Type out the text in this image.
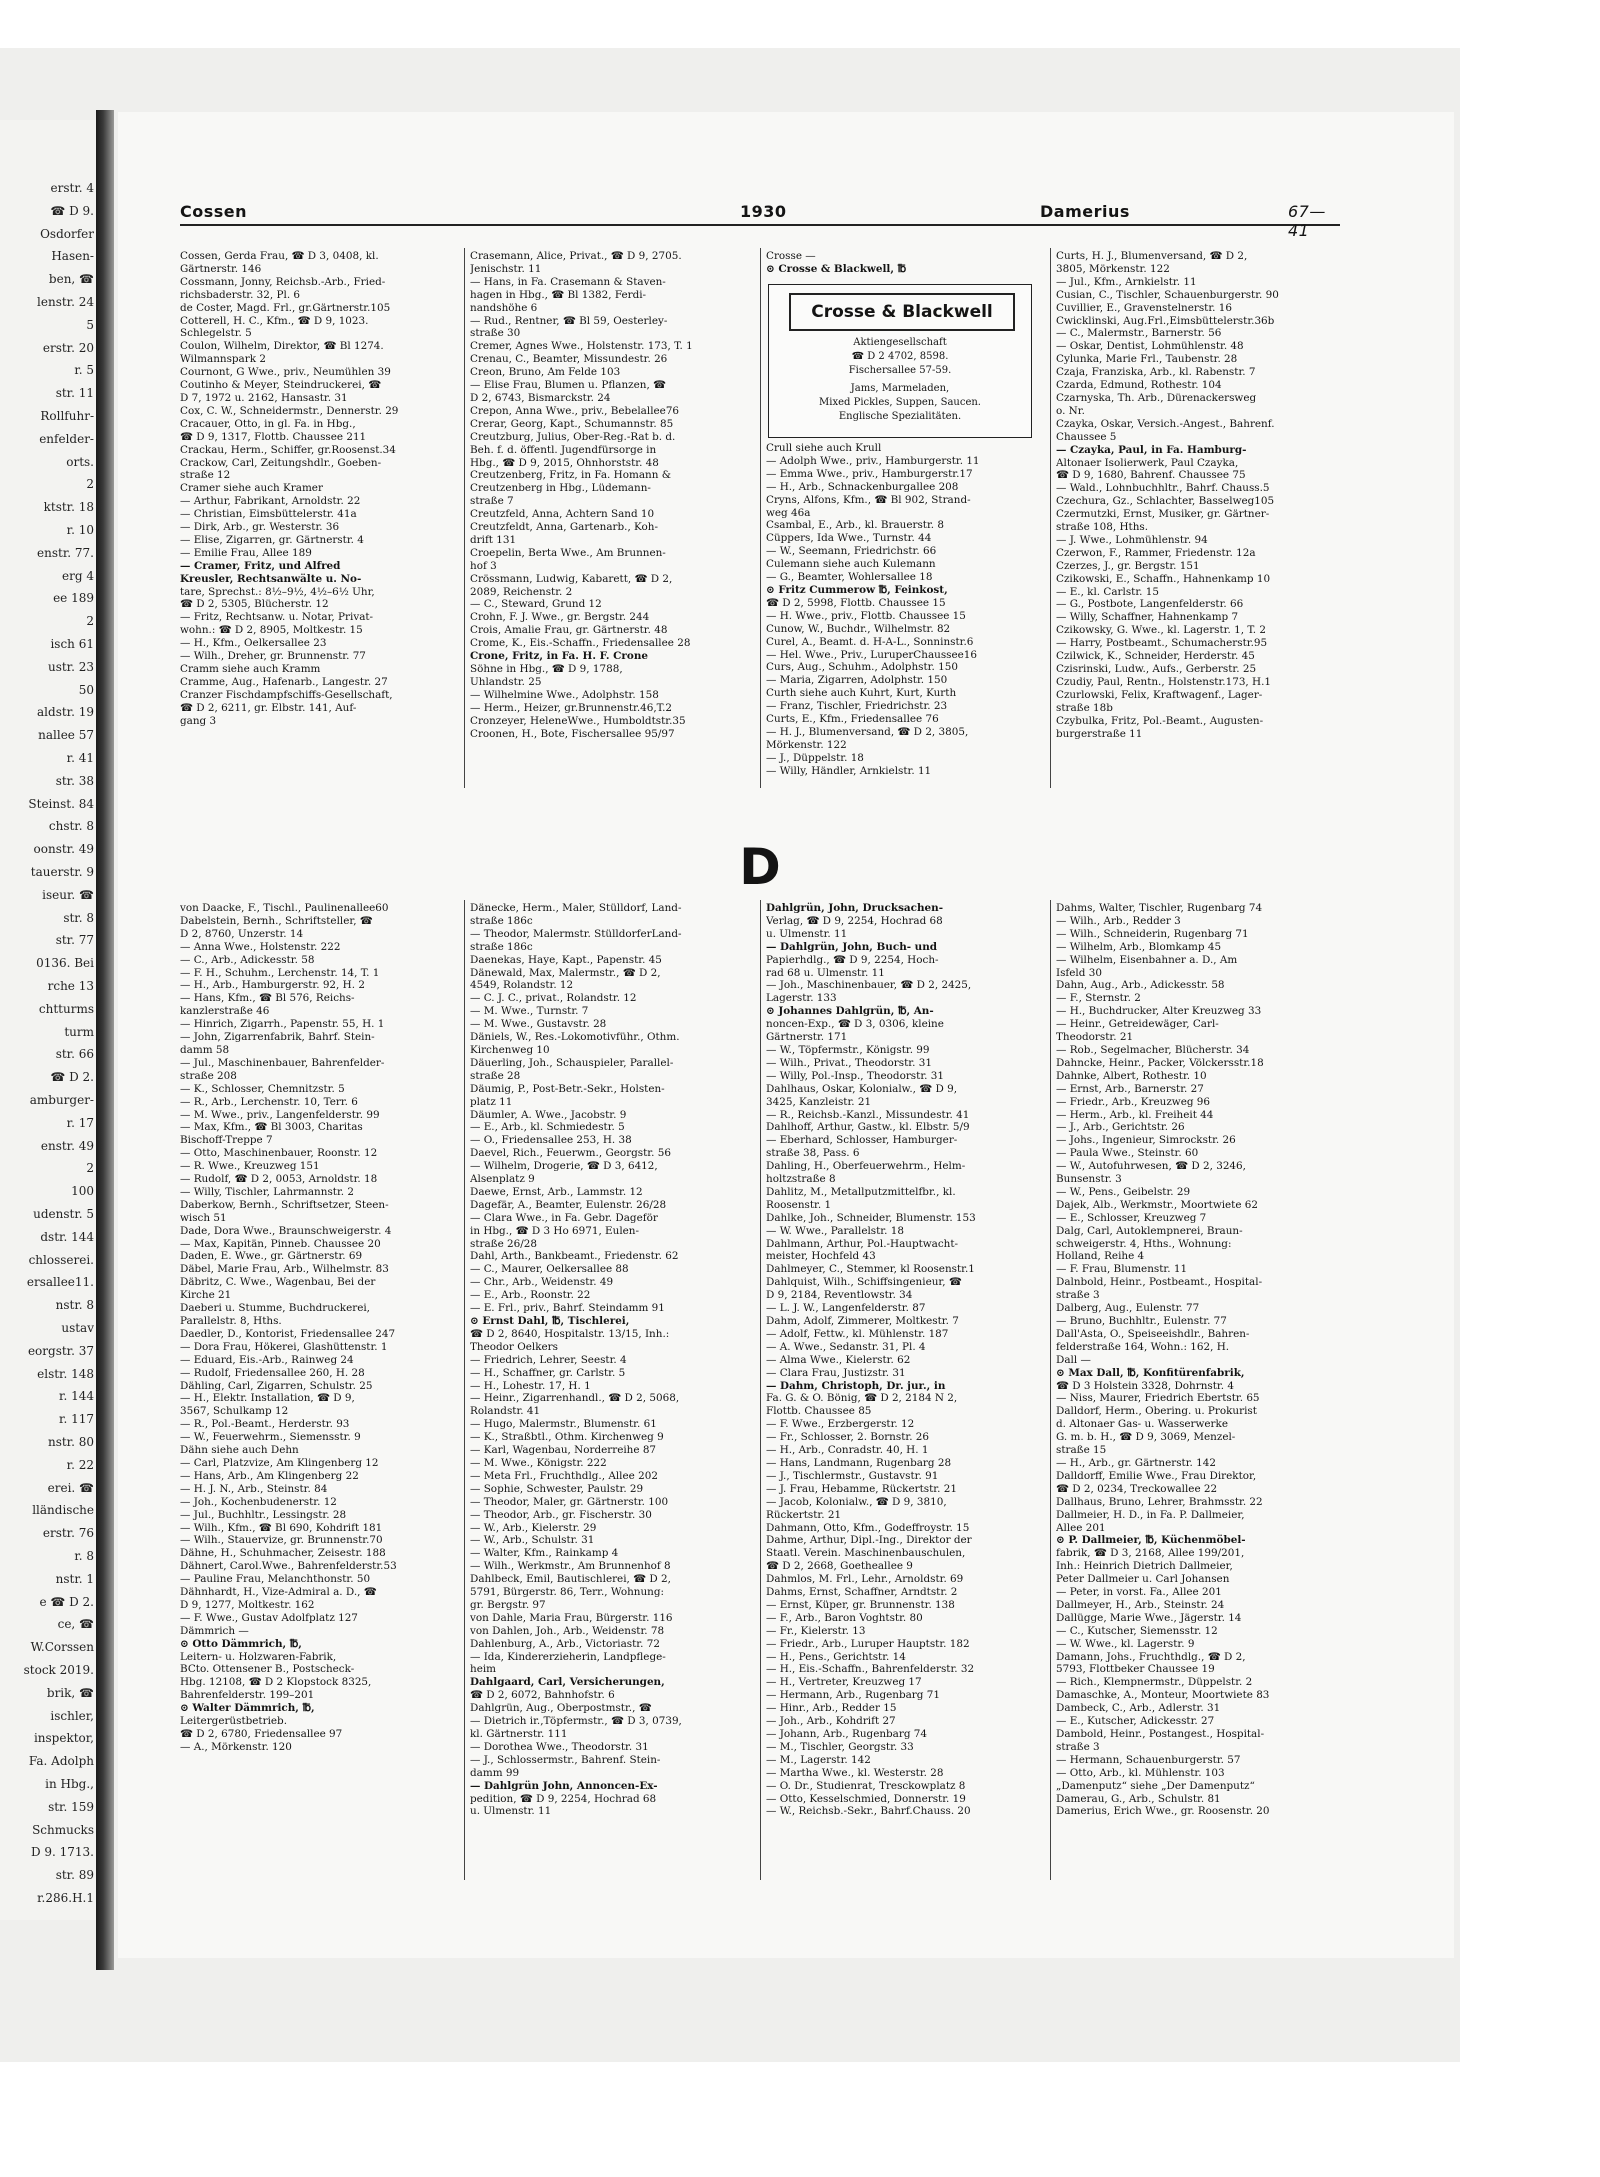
erstr. 4
☎ D 9.
Osdorfer
Hasen-
ben, ☎
lenstr. 24
5
erstr. 20
r. 5
str. 11
Rollfuhr-
enfelder-
orts.
2
ktstr. 18
r. 10
enstr. 77.
erg 4
ee 189
2
isch 61
ustr. 23
50
aldstr. 19
nallee 57
r. 41
str. 38
Steinst. 84
chstr. 8
oonstr. 49
tauerstr. 9
iseur. ☎
str. 8
str. 77
0136. Bei
rche 13
chtturms
turm
str. 66
☎ D 2.
amburger-
r. 17
enstr. 49
2
100
udenstr. 5
dstr. 144
chlosserei.
ersallee11.
nstr. 8
ustav
eorgstr. 37
elstr. 148
r. 144
r. 117
nstr. 80
r. 22
erei. ☎
lländische
erstr. 76
r. 8
nstr. 1
e ☎ D 2.
ce, ☎
W.Corssen
stock 2019.
brik, ☎
ischler,
inspektor,
Fa. Adolph
in Hbg.,
str. 159
Schmucks
D 9. 1713.
str. 89
r.286.H.1
Cossen	1930	Damerius	67—41
Cossen, Gerda Frau, ☎ D 3, 0408, kl.
Gärtnerstr. 146
Cossmann, Jonny, Reichsb.-Arb., Fried-
richsbaderstr. 32, Pl. 6
de Coster, Magd. Frl., gr.Gärtnerstr.105
Cotterell, H. C., Kfm., ☎ D 9, 1023.
Schlegelstr. 5
Coulon, Wilhelm, Direktor, ☎ Bl 1274.
Wilmannspark 2
Cournont, G Wwe., priv., Neumühlen 39
Coutinho & Meyer, Steindruckerei, ☎
D 7, 1972 u. 2162, Hansastr. 31
Cox, C. W., Schneidermstr., Dennerstr. 29
Cracauer, Otto, in gl. Fa. in Hbg.,
☎ D 9, 1317, Flottb. Chaussee 211
Crackau, Herm., Schiffer, gr.Roosenst.34
Crackow, Carl, Zeitungshdlr., Goeben-
straße 12
Cramer siehe auch Kramer
— Arthur, Fabrikant, Arnoldstr. 22
— Christian, Eimsbüttelerstr. 41a
— Dirk, Arb., gr. Westerstr. 36
— Elise, Zigarren, gr. Gärtnerstr. 4
— Emilie Frau, Allee 189
— Cramer, Fritz, und Alfred
Kreusler, Rechtsanwälte u. No-
tare, Sprechst.: 8½–9½, 4½–6½ Uhr,
☎ D 2, 5305, Blücherstr. 12
— Fritz, Rechtsanw. u. Notar, Privat-
wohn.: ☎ D 2, 8905, Moltkestr. 15
— H., Kfm., Oelkersallee 23
— Wilh., Dreher, gr. Brunnenstr. 77
Cramm siehe auch Kramm
Cramme, Aug., Hafenarb., Langestr. 27
Cranzer Fischdampfschiffs-Gesellschaft,
☎ D 2, 6211, gr. Elbstr. 141, Auf-
gang 3
Crasemann, Alice, Privat., ☎ D 9, 2705.
Jenischstr. 11
— Hans, in Fa. Crasemann & Staven-
hagen in Hbg., ☎ Bl 1382, Ferdi-
nandshöhe 6
— Rud., Rentner, ☎ Bl 59, Oesterley-
straße 30
Cremer, Agnes Wwe., Holstenstr. 173, T. 1
Crenau, C., Beamter, Missundestr. 26
Creon, Bruno, Am Felde 103
— Elise Frau, Blumen u. Pflanzen, ☎
D 2, 6743, Bismarckstr. 24
Crepon, Anna Wwe., priv., Bebelallee76
Crerar, Georg, Kapt., Schumannstr. 85
Creutzburg, Julius, Ober-Reg.-Rat b. d.
Beh. f. d. öffentl. Jugendfürsorge in
Hbg., ☎ D 9, 2015, Ohnhorststr. 48
Creutzenberg, Fritz, in Fa. Homann &
Creutzenberg in Hbg., Lüdemann-
straße 7
Creutzfeld, Anna, Achtern Sand 10
Creutzfeldt, Anna, Gartenarb., Koh-
drift 131
Croepelin, Berta Wwe., Am Brunnen-
hof 3
Crössmann, Ludwig, Kabarett, ☎ D 2,
2089, Reichenstr. 2
— C., Steward, Grund 12
Crohn, F. J. Wwe., gr. Bergstr. 244
Crois, Amalie Frau, gr. Gärtnerstr. 48
Crome, K., Eis.-Schaffn., Friedensallee 28
Crone, Fritz, in Fa. H. F. Crone
Söhne in Hbg., ☎ D 9, 1788,
Uhlandstr. 25
— Wilhelmine Wwe., Adolphstr. 158
— Herm., Heizer, gr.Brunnenstr.46,T.2
Cronzeyer, HeleneWwe., Humboldtstr.35
Croonen, H., Bote, Fischersallee 95/97
Crosse —
⊙ Crosse & Blackwell, ℔
Crosse & Blackwell
Aktiengesellschaft
☎ D 2 4702, 8598.
Fischersallee 57-59.
Jams, Marmeladen,
Mixed Pickles, Suppen, Saucen.
Englische Spezialitäten.
Crull siehe auch Krull
— Adolph Wwe., priv., Hamburgerstr. 11
— Emma Wwe., priv., Hamburgerstr.17
— H., Arb., Schnackenburgallee 208
Cryns, Alfons, Kfm., ☎ Bl 902, Strand-
weg 46a
Csambal, E., Arb., kl. Brauerstr. 8
Cüppers, Ida Wwe., Turnstr. 44
— W., Seemann, Friedrichstr. 66
Culemann siehe auch Kulemann
— G., Beamter, Wohlersallee 18
⊙ Fritz Cummerow ℔, Feinkost,
☎ D 2, 5998, Flottb. Chaussee 15
— H. Wwe., priv., Flottb. Chaussee 15
Cunow, W., Buchdr., Wilhelmstr. 82
Curel, A., Beamt. d. H-A-L., Sonninstr.6
— Hel. Wwe., Priv., LuruperChaussee16
Curs, Aug., Schuhm., Adolphstr. 150
— Maria, Zigarren, Adolphstr. 150
Curth siehe auch Kuhrt, Kurt, Kurth
— Franz, Tischler, Friedrichstr. 23
Curts, E., Kfm., Friedensallee 76
— H. J., Blumenversand, ☎ D 2, 3805,
Mörkenstr. 122
— J., Düppelstr. 18
— Willy, Händler, Arnkielstr. 11
Curts, H. J., Blumenversand, ☎ D 2,
3805, Mörkenstr. 122
— Jul., Kfm., Arnkielstr. 11
Cusian, C., Tischler, Schauenburgerstr. 90
Cuvillier, E., Gravenstelnerstr. 16
Cwicklinski, Aug.Frl.,Eimsbüttelerstr.36b
— C., Malermstr., Barnerstr. 56
— Oskar, Dentist, Lohmühlenstr. 48
Cylunka, Marie Frl., Taubenstr. 28
Czaja, Franziska, Arb., kl. Rabenstr. 7
Czarda, Edmund, Rothestr. 104
Czarnyska, Th. Arb., Dürenackersweg
o. Nr.
Czayka, Oskar, Versich.-Angest., Bahrenf.
Chaussee 5
— Czayka, Paul, in Fa. Hamburg-
Altonaer Isolierwerk, Paul Czayka,
☎ D 9, 1680, Bahrenf. Chaussee 75
— Wald., Lohnbuchhltr., Bahrf. Chauss.5
Czechura, Gz., Schlachter, Basselweg105
Czermutzki, Ernst, Musiker, gr. Gärtner-
straße 108, Hths.
— J. Wwe., Lohmühlenstr. 94
Czerwon, F., Rammer, Friedenstr. 12a
Czerzes, J., gr. Bergstr. 151
Czikowski, E., Schaffn., Hahnenkamp 10
— E., kl. Carlstr. 15
— G., Postbote, Langenfelderstr. 66
— Willy, Schaffner, Hahnenkamp 7
Czikowsky, G. Wwe., kl. Lagerstr. 1, T. 2
— Harry, Postbeamt., Schumacherstr.95
Czilwick, K., Schneider, Herderstr. 45
Czisrinski, Ludw., Aufs., Gerberstr. 25
Czudiy, Paul, Rentn., Holstenstr.173, H.1
Czurlowski, Felix, Kraftwagenf., Lager-
straße 18b
Czybulka, Fritz, Pol.-Beamt., Augusten-
burgerstraße 11
D
von Daacke, F., Tischl., Paulinenallee60
Dabelstein, Bernh., Schriftsteller, ☎
D 2, 8760, Unzerstr. 14
— Anna Wwe., Holstenstr. 222
— C., Arb., Adickesstr. 58
— F. H., Schuhm., Lerchenstr. 14, T. 1
— H., Arb., Hamburgerstr. 92, H. 2
— Hans, Kfm., ☎ Bl 576, Reichs-
kanzlerstraße 46
— Hinrich, Zigarrh., Papenstr. 55, H. 1
— John, Zigarrenfabrik, Bahrf. Stein-
damm 58
— Jul., Maschinenbauer, Bahrenfelder-
straße 208
— K., Schlosser, Chemnitzstr. 5
— R., Arb., Lerchenstr. 10, Terr. 6
— M. Wwe., priv., Langenfelderstr. 99
— Max, Kfm., ☎ Bl 3003, Charitas
Bischoff-Treppe 7
— Otto, Maschinenbauer, Roonstr. 12
— R. Wwe., Kreuzweg 151
— Rudolf, ☎ D 2, 0053, Arnoldstr. 18
— Willy, Tischler, Lahrmannstr. 2
Daberkow, Bernh., Schriftsetzer, Steen-
wisch 51
Dade, Dora Wwe., Braunschweigerstr. 4
— Max, Kapitän, Pinneb. Chaussee 20
Daden, E. Wwe., gr. Gärtnerstr. 69
Däbel, Marie Frau, Arb., Wilhelmstr. 83
Däbritz, C. Wwe., Wagenbau, Bei der
Kirche 21
Daeberi u. Stumme, Buchdruckerei,
Parallelstr. 8, Hths.
Daedler, D., Kontorist, Friedensallee 247
— Dora Frau, Hökerei, Glashüttenstr. 1
— Eduard, Eis.-Arb., Rainweg 24
— Rudolf, Friedensallee 260, H. 28
Dähling, Carl, Zigarren, Schulstr. 25
— H., Elektr. Installation, ☎ D 9,
3567, Schulkamp 12
— R., Pol.-Beamt., Herderstr. 93
— W., Feuerwehrm., Siemensstr. 9
Dähn siehe auch Dehn
— Carl, Platzvize, Am Klingenberg 12
— Hans, Arb., Am Klingenberg 22
— H. J. N., Arb., Steinstr. 84
— Joh., Kochenbudenerstr. 12
— Jul., Buchhltr., Lessingstr. 28
— Wilh., Kfm., ☎ Bl 690, Kohdrift 181
— Wilh., Stauervize, gr. Brunnenstr.70
Dähne, H., Schuhmacher, Zeisestr. 188
Dähnert, Carol.Wwe., Bahrenfelderstr.53
— Pauline Frau, Melanchthonstr. 50
Dähnhardt, H., Vize-Admiral a. D., ☎
D 9, 1277, Moltkestr. 162
— F. Wwe., Gustav Adolfplatz 127
Dämmrich —
⊙ Otto Dämmrich, ℔,
Leitern- u. Holzwaren-Fabrik,
BCto. Ottensener B., Postscheck-
Hbg. 12108, ☎ D 2 Klopstock 8325,
Bahrenfelderstr. 199–201
⊙ Walter Dämmrich, ℔,
Leitergerüstbetrieb.
☎ D 2, 6780, Friedensallee 97
— A., Mörkenstr. 120
Dänecke, Herm., Maler, Stülldorf, Land-
straße 186c
— Theodor, Malermstr. StülldorferLand-
straße 186c
Daenekas, Haye, Kapt., Papenstr. 45
Dänewald, Max, Malermstr., ☎ D 2,
4549, Rolandstr. 12
— C. J. C., privat., Rolandstr. 12
— M. Wwe., Turnstr. 7
— M. Wwe., Gustavstr. 28
Däniels, W., Res.-Lokomotivführ., Othm.
Kirchenweg 10
Däuerling, Joh., Schauspieler, Parallel-
straße 28
Däumig, P., Post-Betr.-Sekr., Holsten-
platz 11
Däumler, A. Wwe., Jacobstr. 9
— E., Arb., kl. Schmiedestr. 5
— O., Friedensallee 253, H. 38
Daevel, Rich., Feuerwm., Georgstr. 56
— Wilhelm, Drogerie, ☎ D 3, 6412,
Alsenplatz 9
Daewe, Ernst, Arb., Lammstr. 12
Dagefär, A., Beamter, Eulenstr. 26/28
— Clara Wwe., in Fa. Gebr. Dageför
in Hbg., ☎ D 3 Ho 6971, Eulen-
straße 26/28
Dahl, Arth., Bankbeamt., Friedenstr. 62
— C., Maurer, Oelkersallee 88
— Chr., Arb., Weidenstr. 49
— E., Arb., Roonstr. 22
— E. Frl., priv., Bahrf. Steindamm 91
⊙ Ernst Dahl, ℔, Tischlerei,
☎ D 2, 8640, Hospitalstr. 13/15, Inh.:
Theodor Oelkers
— Friedrich, Lehrer, Seestr. 4
— H., Schaffner, gr. Carlstr. 5
— H., Lohestr. 17, H. 1
— Heinr., Zigarrenhandl., ☎ D 2, 5068,
Rolandstr. 41
— Hugo, Malermstr., Blumenstr. 61
— K., Straßbtl., Othm. Kirchenweg 9
— Karl, Wagenbau, Norderreihe 87
— M. Wwe., Königstr. 222
— Meta Frl., Fruchthdlg., Allee 202
— Sophie, Schwester, Paulstr. 29
— Theodor, Maler, gr. Gärtnerstr. 100
— Theodor, Arb., gr. Fischerstr. 30
— W., Arb., Kielerstr. 29
— W., Arb., Schulstr. 31
— Walter, Kfm., Rainkamp 4
— Wilh., Werkmstr., Am Brunnenhof 8
Dahlbeck, Emil, Bautischlerei, ☎ D 2,
5791, Bürgerstr. 86, Terr., Wohnung:
gr. Bergstr. 97
von Dahle, Maria Frau, Bürgerstr. 116
von Dahlen, Joh., Arb., Weidenstr. 78
Dahlenburg, A., Arb., Victoriastr. 72
— Ida, Kindererzieherin, Landpflege-
heim
Dahlgaard, Carl, Versicherungen,
☎ D 2, 6072, Bahnhofstr. 6
Dahlgrün, Aug., Oberpostmstr., ☎
— Dietrich ir.,Töpfermstr., ☎ D 3, 0739,
kl. Gärtnerstr. 111
— Dorothea Wwe., Theodorstr. 31
— J., Schlossermstr., Bahrenf. Stein-
damm 99
— Dahlgrün John, Annoncen-Ex-
pedition, ☎ D 9, 2254, Hochrad 68
u. Ulmenstr. 11
Dahlgrün, John, Drucksachen-
Verlag, ☎ D 9, 2254, Hochrad 68
u. Ulmenstr. 11
— Dahlgrün, John, Buch- und
Papierhdlg., ☎ D 9, 2254, Hoch-
rad 68 u. Ulmenstr. 11
— Joh., Maschinenbauer, ☎ D 2, 2425,
Lagerstr. 133
⊙ Johannes Dahlgrün, ℔, An-
noncen-Exp., ☎ D 3, 0306, kleine
Gärtnerstr. 171
— W., Töpfermstr., Königstr. 99
— Wilh., Privat., Theodorstr. 31
— Willy, Pol.-Insp., Theodorstr. 31
Dahlhaus, Oskar, Kolonialw., ☎ D 9,
3425, Kanzleistr. 21
— R., Reichsb.-Kanzl., Missundestr. 41
Dahlhoff, Arthur, Gastw., kl. Elbstr. 5/9
— Eberhard, Schlosser, Hamburger-
straße 38, Pass. 6
Dahling, H., Oberfeuerwehrm., Helm-
holtzstraße 8
Dahlitz, M., Metallputzmittelfbr., kl.
Roosenstr. 1
Dahlke, Joh., Schneider, Blumenstr. 153
— W. Wwe., Parallelstr. 18
Dahlmann, Arthur, Pol.-Hauptwacht-
meister, Hochfeld 43
Dahlmeyer, C., Stemmer, kl Roosenstr.1
Dahlquist, Wilh., Schiffsingenieur, ☎
D 9, 2184, Reventlowstr. 34
— L. J. W., Langenfelderstr. 87
Dahm, Adolf, Zimmerer, Moltkestr. 7
— Adolf, Fettw., kl. Mühlenstr. 187
— A. Wwe., Sedanstr. 31, Pl. 4
— Alma Wwe., Kielerstr. 62
— Clara Frau, Justizstr. 31
— Dahm, Christoph, Dr. jur., in
Fa. G. & O. Bönig, ☎ D 2, 2184 N 2,
Flottb. Chaussee 85
— F. Wwe., Erzbergerstr. 12
— Fr., Schlosser, 2. Bornstr. 26
— H., Arb., Conradstr. 40, H. 1
— Hans, Landmann, Rugenbarg 28
— J., Tischlermstr., Gustavstr. 91
— J. Frau, Hebamme, Rückertstr. 21
— Jacob, Kolonialw., ☎ D 9, 3810,
Rückertstr. 21
Dahmann, Otto, Kfm., Godeffroystr. 15
Dahme, Arthur, Dipl.-Ing., Direktor der
Staatl. Verein. Maschinenbauschulen,
☎ D 2, 2668, Goetheallee 9
Dahmlos, M. Frl., Lehr., Arnoldstr. 69
Dahms, Ernst, Schaffner, Arndtstr. 2
— Ernst, Küper, gr. Brunnenstr. 138
— F., Arb., Baron Voghtstr. 80
— Fr., Kielerstr. 13
— Friedr., Arb., Luruper Hauptstr. 182
— H., Pens., Gerichtstr. 14
— H., Eis.-Schaffn., Bahrenfelderstr. 32
— H., Vertreter, Kreuzweg 17
— Hermann, Arb., Rugenbarg 71
— Hinr., Arb., Redder 15
— Joh., Arb., Kohdrift 27
— Johann, Arb., Rugenbarg 74
— M., Tischler, Georgstr. 33
— M., Lagerstr. 142
— Martha Wwe., kl. Westerstr. 28
— O. Dr., Studienrat, Tresckowplatz 8
— Otto, Kesselschmied, Donnerstr. 19
— W., Reichsb.-Sekr., Bahrf.Chauss. 20
Dahms, Walter, Tischler, Rugenbarg 74
— Wilh., Arb., Redder 3
— Wilh., Schneiderin, Rugenbarg 71
— Wilhelm, Arb., Blomkamp 45
— Wilhelm, Eisenbahner a. D., Am
Isfeld 30
Dahn, Aug., Arb., Adickesstr. 58
— F., Sternstr. 2
— H., Buchdrucker, Alter Kreuzweg 33
— Heinr., Getreidewäger, Carl-
Theodorstr. 21
— Rob., Segelmacher, Blücherstr. 34
Dahncke, Heinr., Packer, Völckersstr.18
Dahnke, Albert, Rothestr. 10
— Ernst, Arb., Barnerstr. 27
— Friedr., Arb., Kreuzweg 96
— Herm., Arb., kl. Freiheit 44
— J., Arb., Gerichtstr. 26
— Johs., Ingenieur, Simrockstr. 26
— Paula Wwe., Steinstr. 60
— W., Autofuhrwesen, ☎ D 2, 3246,
Bunsenstr. 3
— W., Pens., Geibelstr. 29
Dajek, Alb., Werkmstr., Moortwiete 62
— E., Schlosser, Kreuzweg 7
Dalg, Carl, Autoklempnerei, Braun-
schweigerstr. 4, Hths., Wohnung:
Holland, Reihe 4
— F. Frau, Blumenstr. 11
Dalnbold, Heinr., Postbeamt., Hospital-
straße 3
Dalberg, Aug., Eulenstr. 77
— Bruno, Buchhltr., Eulenstr. 77
Dall'Asta, O., Speiseeishdlr., Bahren-
felderstraße 164, Wohn.: 162, H.
Dall —
⊙ Max Dall, ℔, Konfitürenfabrik,
☎ D 3 Holstein 3328, Dohrnstr. 4
— Niss, Maurer, Friedrich Ebertstr. 65
Dalldorf, Herm., Obering. u. Prokurist
d. Altonaer Gas- u. Wasserwerke
G. m. b. H., ☎ D 9, 3069, Menzel-
straße 15
— H., Arb., gr. Gärtnerstr. 142
Dalldorff, Emilie Wwe., Frau Direktor,
☎ D 2, 0234, Treckowallee 22
Dallhaus, Bruno, Lehrer, Brahmsstr. 22
Dallmeier, H. D., in Fa. P. Dallmeier,
Allee 201
⊙ P. Dallmeier, ℔, Küchenmöbel-
fabrik, ☎ D 3, 2168, Allee 199/201,
Inh.: Heinrich Dietrich Dallmeier,
Peter Dallmeier u. Carl Johansen
— Peter, in vorst. Fa., Allee 201
Dallmeyer, H., Arb., Steinstr. 24
Dallügge, Marie Wwe., Jägerstr. 14
— C., Kutscher, Siemensstr. 12
— W. Wwe., kl. Lagerstr. 9
Damann, Johs., Fruchthdlg., ☎ D 2,
5793, Flottbeker Chaussee 19
— Rich., Klempnermstr., Düppelstr. 2
Damaschke, A., Monteur, Moortwiete 83
Dambeck, C., Arb., Adlerstr. 31
— E., Kutscher, Adickesstr. 27
Dambold, Heinr., Postangest., Hospital-
straße 3
— Hermann, Schauenburgerstr. 57
— Otto, Arb., kl. Mühlenstr. 103
„Damenputz“ siehe „Der Damenputz“
Damerau, G., Arb., Schulstr. 81
Damerius, Erich Wwe., gr. Roosenstr. 20
